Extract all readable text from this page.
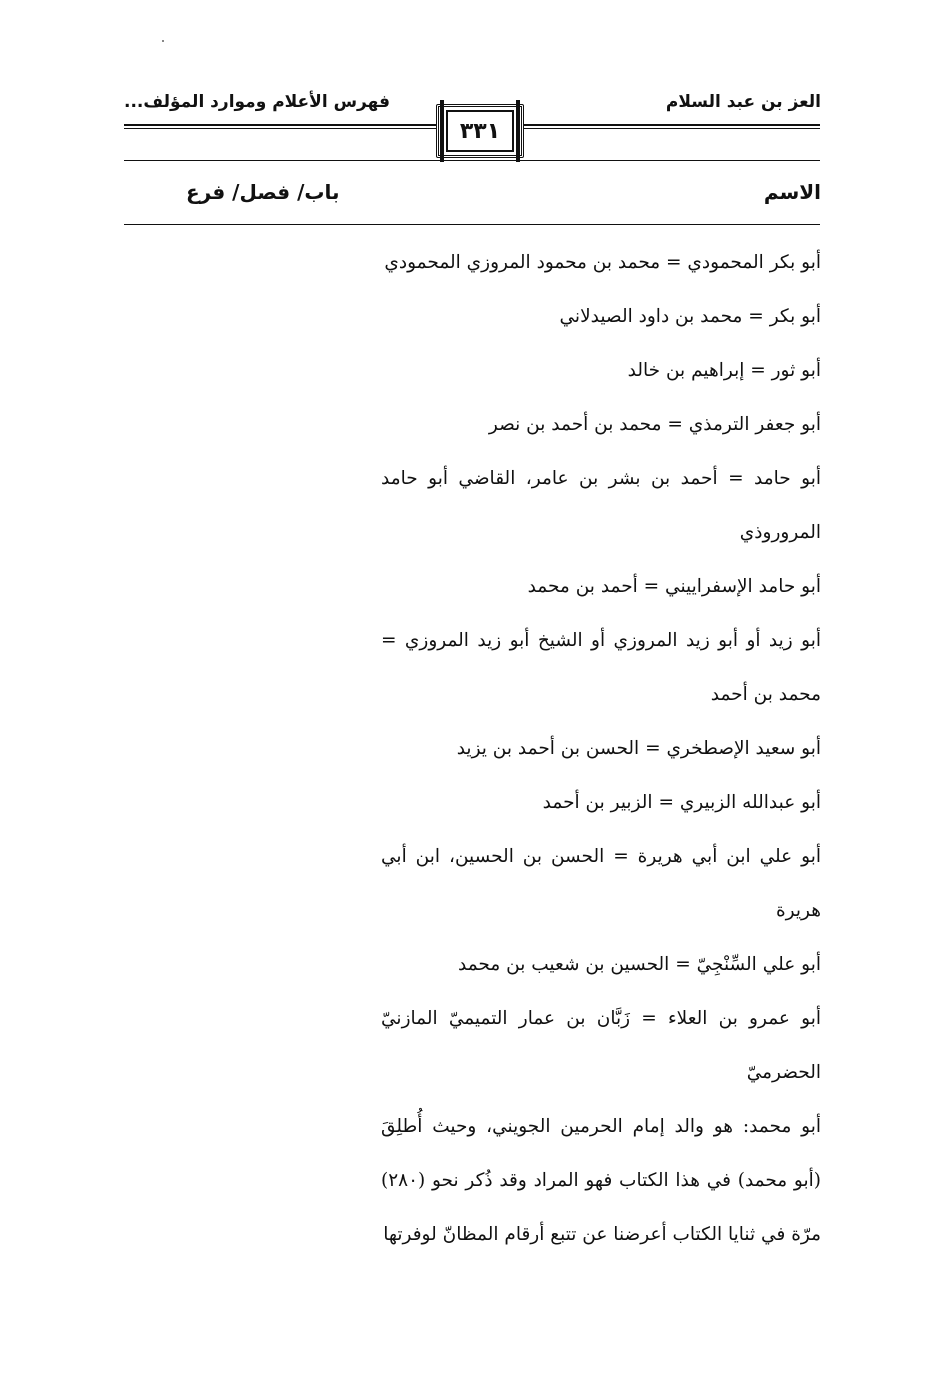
العز بن عبد السلام
فهرس الأعلام وموارد المؤلف...
٣٣١
الاسم
باب/ فصل/ فرع
أبو بكر المحمودي = محمد بن محمود المروزي المحمودي
أبو بكر = محمد بن داود الصيدلاني
أبو ثور = إبراهيم بن خالد
أبو جعفر الترمذي = محمد بن أحمد بن نصر
أبو حامد = أحمد بن بشر بن عامر، القاضي أبو حامد المروروذي
أبو حامد الإسفراييني = أحمد بن محمد
أبو زيد أو أبو زيد المروزي أو الشيخ أبو زيد المروزي = محمد بن أحمد
أبو سعيد الإصطخري = الحسن بن أحمد بن يزيد
أبو عبدالله الزبيري = الزبير بن أحمد
أبو علي ابن أبي هريرة = الحسن بن الحسين، ابن أبي هريرة
أبو علي السِّنْجِيّ = الحسين بن شعيب بن محمد
أبو عمرو بن العلاء = زَبَّان بن عمار التميميّ المازنيّ الحضرميّ
أبو محمد: هو والد إمام الحرمين الجويني، وحيث أُطلِقَ (أبو محمد) في هذا الكتاب فهو المراد وقد ذُكر نحو (٢٨٠) مرّة في ثنايا الكتاب أعرضنا عن تتبع أرقام المظانّ لوفرتها
